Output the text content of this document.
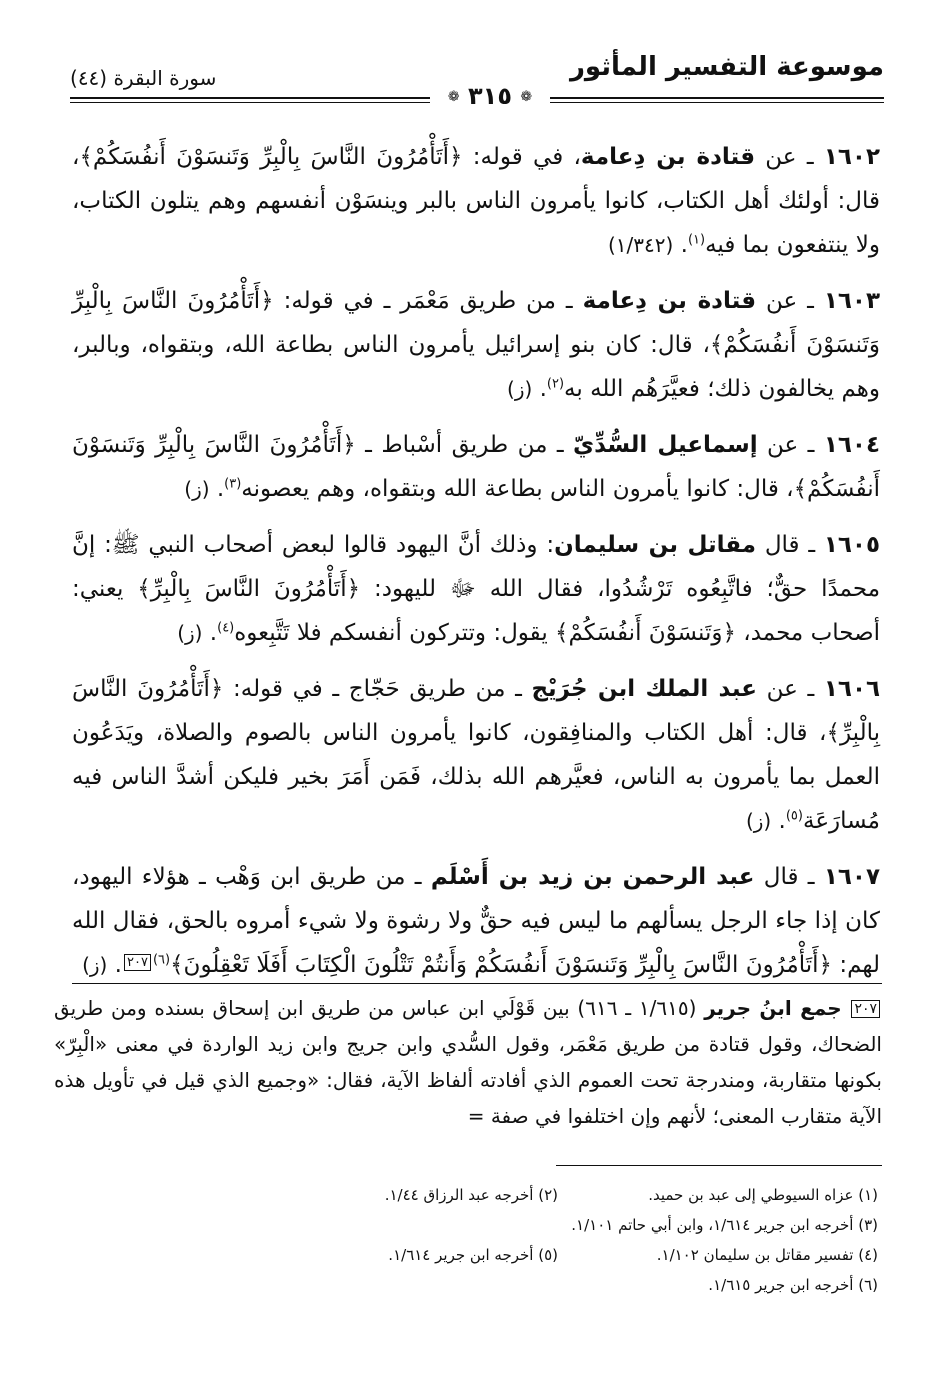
موسوعة التفسير المأثور
❁ ٣١٥ ❁
سورة البقرة (٤٤)

١٦٠٢ ـ عن قتادة بن دِعامة، في قوله: ﴿أَتَأْمُرُونَ النَّاسَ بِالْبِرِّ وَتَنسَوْنَ أَنفُسَكُمْ﴾، قال: أولئك أهل الكتاب، كانوا يأمرون الناس بالبر وينسَوْن أنفسهم وهم يتلون الكتاب، ولا ينتفعون بما فيه$^{(١)}$. (١/٣٤٢)

١٦٠٣ ـ عن قتادة بن دِعامة ـ من طريق مَعْمَر ـ في قوله: ﴿أَتَأْمُرُونَ النَّاسَ بِالْبِرِّ وَتَنسَوْنَ أَنفُسَكُمْ﴾، قال: كان بنو إسرائيل يأمرون الناس بطاعة الله، وبتقواه، وبالبر، وهم يخالفون ذلك؛ فعيَّرَهُم الله به$^{(٢)}$. (ز)

١٦٠٤ ـ عن إسماعيل السُّدِّيّ ـ من طريق أسْباط ـ ﴿أَتَأْمُرُونَ النَّاسَ بِالْبِرِّ وَتَنسَوْنَ أَنفُسَكُمْ﴾، قال: كانوا يأمرون الناس بطاعة الله وبتقواه، وهم يعصونه$^{(٣)}$. (ز)

١٦٠٥ ـ قال مقاتل بن سليمان: وذلك أنَّ اليهود قالوا لبعض أصحاب النبي ﷺ: إنَّ محمدًا حقٌّ؛ فاتَّبِعُوه تَرْشُدُوا، فقال الله ﷻ لليهود: ﴿أَتَأْمُرُونَ النَّاسَ بِالْبِرِّ﴾ يعني: أصحاب محمد، ﴿وَتَنسَوْنَ أَنفُسَكُمْ﴾ يقول: وتتركون أنفسكم فلا تَتَّبِعوه$^{(٤)}$. (ز)

١٦٠٦ ـ عن عبد الملك ابن جُرَيْج ـ من طريق حَجّاج ـ في قوله: ﴿أَتَأْمُرُونَ النَّاسَ بِالْبِرِّ﴾، قال: أهل الكتاب والمنافِقون، كانوا يأمرون الناس بالصوم والصلاة، ويَدَعُون العمل بما يأمرون به الناس، فعيَّرهم الله بذلك، فَمَن أَمَرَ بخير فليكن أشدَّ الناس فيه مُسارَعَة$^{(٥)}$. (ز)

١٦٠٧ ـ قال عبد الرحمن بن زيد بن أَسْلَم ـ من طريق ابن وَهْب ـ هؤلاء اليهود، كان إذا جاء الرجل يسألهم ما ليس فيه حقٌّ ولا رشوة ولا شيء أمروه بالحق، فقال الله لهم: ﴿أَتَأْمُرُونَ النَّاسَ بِالْبِرِّ وَتَنسَوْنَ أَنفُسَكُمْ وَأَنتُمْ تَتْلُونَ الْكِتَابَ أَفَلَا تَعْقِلُونَ﴾$^{(٦)٢٠٧}$. (ز)

٢٠٧ جمع ابنُ جرير (١/٦١٥ ـ ٦١٦) بين قَوْلَي ابن عباس من طريق ابن إسحاق بسنده ومن طريق الضحاك، وقول قتادة من طريق مَعْمَر، وقول السُّدي وابن جريج وابن زيد الواردة في معنى «الْبِرّ» بكونها متقاربة، ومندرجة تحت العموم الذي أفادته ألفاظ الآية، فقال: «وجميع الذي قيل في تأويل هذه الآية متقارب المعنى؛ لأنهم وإن اختلفوا في صفة =
(١) عزاه السيوطي إلى عبد بن حميد.
(٢) أخرجه عبد الرزاق ١/٤٤.
(٣) أخرجه ابن جرير ١/٦١٤، وابن أبي حاتم ١/١٠١.
(٤) تفسير مقاتل بن سليمان ١/١٠٢.
(٥) أخرجه ابن جرير ١/٦١٤.
(٦) أخرجه ابن جرير ١/٦١٥.
